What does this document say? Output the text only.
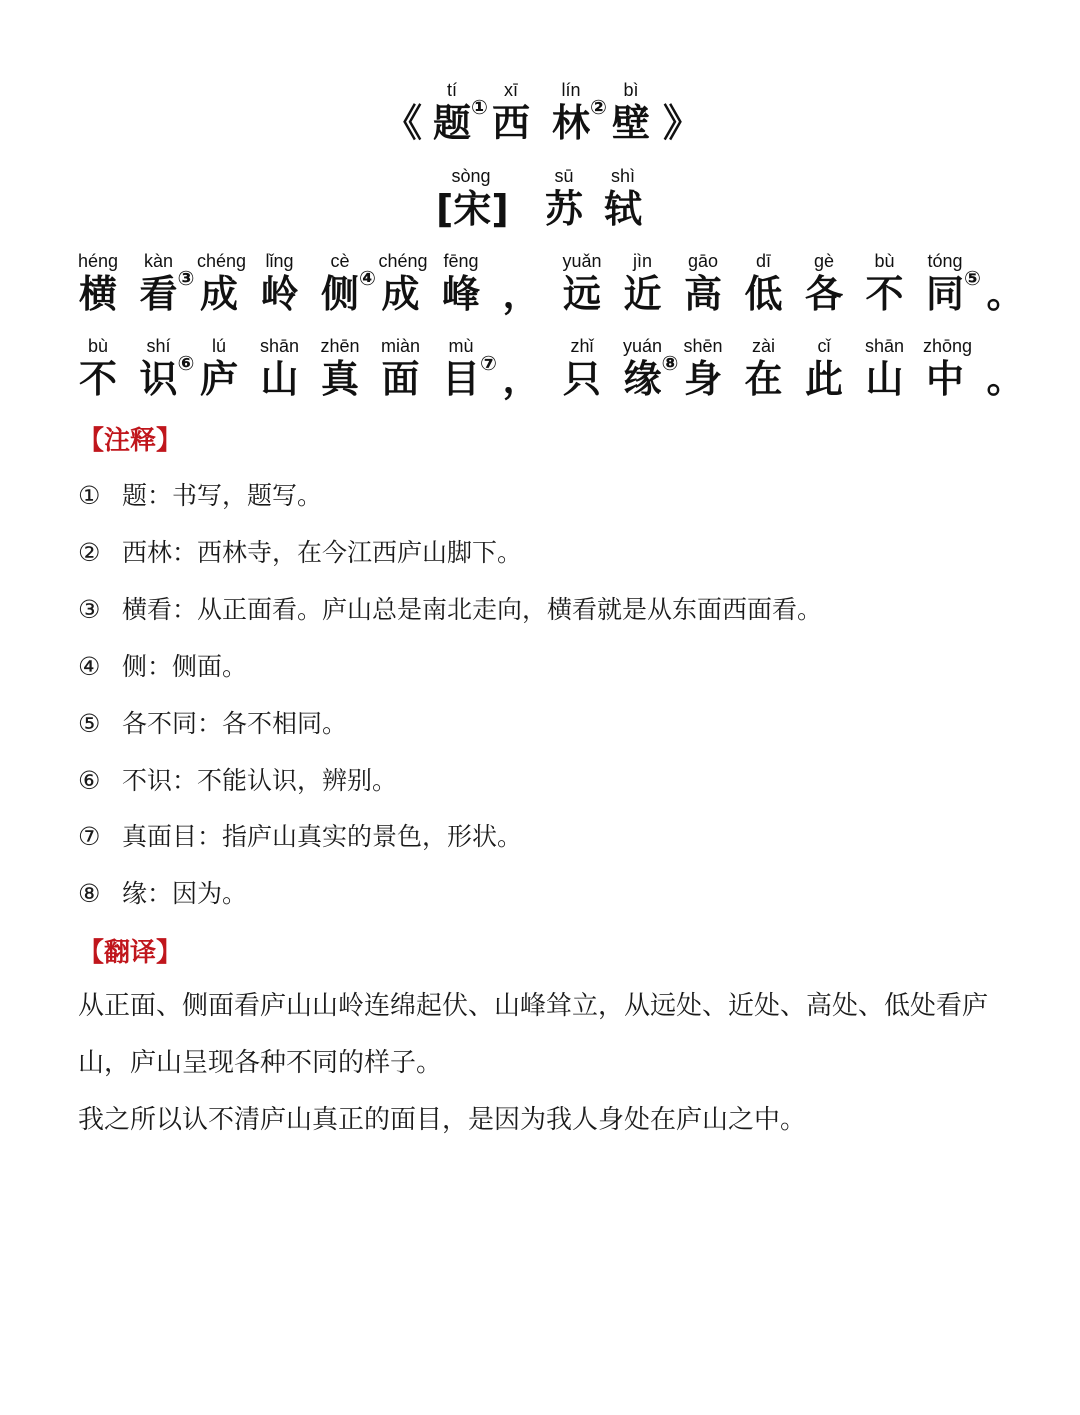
《
tí
题 ①
xī
西
lín
林 ②
bì
壁 》
sòng
[宋]
sū
苏
shì
轼
héng
横
kàn
看 ③
chéng
成
lǐng
岭
cè
侧 ④
chéng
成
fēng
峰 ，
yuǎn
远
jìn
近
gāo
高
dī
低
gè
各
bù
不
tóng
同 ⑤ 。
bù
不
shí
识 ⑥
lú
庐
shān
山
zhēn
真
miàn
面
mù
目 ⑦ ，
zhǐ
只
yuán
缘 ⑧
shēn
身
zài
在
cǐ
此
shān
山
zhōng
中 。
【注释】
① 题：书写，题写。
② 西林：西林寺，在今江西庐山脚下。
③ 横看：从正面看。庐山总是南北走向，横看就是从东面西面看。
④ 侧：侧面。
⑤ 各不同：各不相同。
⑥ 不识：不能认识，辨别。
⑦ 真面目：指庐山真实的景色，形状。
⑧ 缘：因为。
【翻译】
从正面、侧面看庐山山岭连绵起伏、山峰耸立，从远处、近处、高处、低处看庐山，庐山呈现各种不同的样子。
我之所以认不清庐山真正的面目，是因为我人身处在庐山之中。
